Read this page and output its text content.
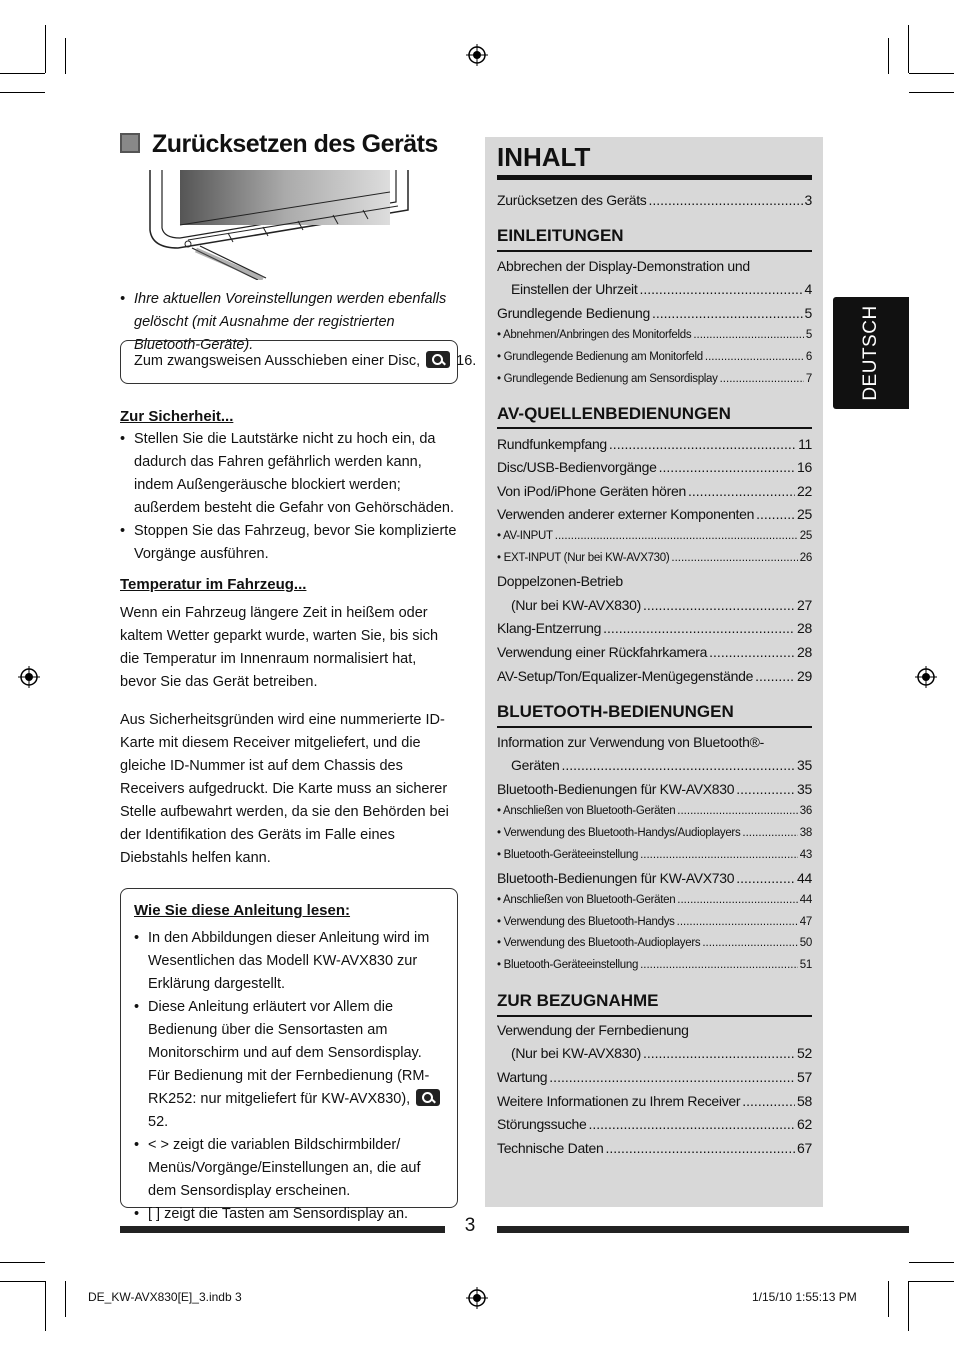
Zurücksetzen des Geräts
• Ihre aktuellen Voreinstellungen werden ebenfalls gelöscht (mit Ausnahme der registrierten Bluetooth-Geräte).
Zum zwangsweisen Ausschieben einer Disc, 16.
Zur Sicherheit...
• Stellen Sie die Lautstärke nicht zu hoch ein, da dadurch das Fahren gefährlich werden kann, indem Außengeräusche blockiert werden; außerdem besteht die Gefahr von Gehörschäden.
• Stoppen Sie das Fahrzeug, bevor Sie komplizierte Vorgänge ausführen.
Temperatur im Fahrzeug...
Wenn ein Fahrzeug längere Zeit in heißem oder kaltem Wetter geparkt wurde, warten Sie, bis sich die Temperatur im Innenraum normalisiert hat, bevor Sie das Gerät betreiben.
Aus Sicherheitsgründen wird eine nummerierte ID-Karte mit diesem Receiver mitgeliefert, und die gleiche ID-Nummer ist auf dem Chassis des Receivers aufgedruckt. Die Karte muss an sicherer Stelle aufbewahrt werden, da sie den Behörden bei der Identifikation des Geräts im Falle eines Diebstahls helfen kann.
Wie Sie diese Anleitung lesen:
• In den Abbildungen dieser Anleitung wird im Wesentlichen das Modell KW-AVX830 zur Erklärung dargestellt.
• Diese Anleitung erläutert vor Allem die Bedienung über die Sensortasten am Monitorschirm und auf dem Sensordisplay. Für Bedienung mit der Fernbedienung (RM-RK252: nur mitgeliefert für KW-AVX830),  52.
• < > zeigt die variablen Bildschirmbilder/ Menüs/Vorgänge/Einstellungen an, die auf dem Sensordisplay erscheinen.
• [ ] zeigt die Tasten am Sensordisplay an.
INHALT
Zurücksetzen des Geräts .....	3
EINLEITUNGEN
Abbrechen der Display-Demonstration und
Einstellen der Uhrzeit .....	4
Grundlegende Bedienung .....	5
• Abnehmen/Anbringen des Monitorfelds .....	5
• Grundlegende Bedienung am Monitorfeld .....	6
• Grundlegende Bedienung am Sensordisplay .....	7
AV-QUELLENBEDIENUNGEN
Rundfunkempfang .....	11
Disc/USB-Bedienvorgänge .....	16
Von iPod/iPhone Geräten hören .....	22
Verwenden anderer externer Komponenten .....	25
• AV-INPUT .....	25
• EXT-INPUT (Nur bei KW-AVX730) .....	26
Doppelzonen-Betrieb
(Nur bei KW-AVX830) .....	27
Klang-Entzerrung .....	28
Verwendung einer Rückfahrkamera .....	28
AV-Setup/Ton/Equalizer-Menügegenstände .....	29
BLUETOOTH-BEDIENUNGEN
Information zur Verwendung von Bluetooth®-
Geräten .....	35
Bluetooth-Bedienungen für KW-AVX830 .....	35
• Anschließen von Bluetooth-Geräten .....	36
• Verwendung des Bluetooth-Handys/Audioplayers .....	38
• Bluetooth-Geräteeinstellung .....	43
Bluetooth-Bedienungen für KW-AVX730 .....	44
• Anschließen von Bluetooth-Geräten .....	44
• Verwendung des Bluetooth-Handys .....	47
• Verwendung des Bluetooth-Audioplayers .....	50
• Bluetooth-Geräteeinstellung .....	51
ZUR BEZUGNAHME
Verwendung der Fernbedienung
(Nur bei KW-AVX830) .....	52
Wartung .....	57
Weitere Informationen zu Ihrem Receiver .....	58
Störungssuche .....	62
Technische Daten .....	67
DEUTSCH
3
DE_KW-AVX830[E]_3.indb 3	1/15/10 1:55:13 PM
